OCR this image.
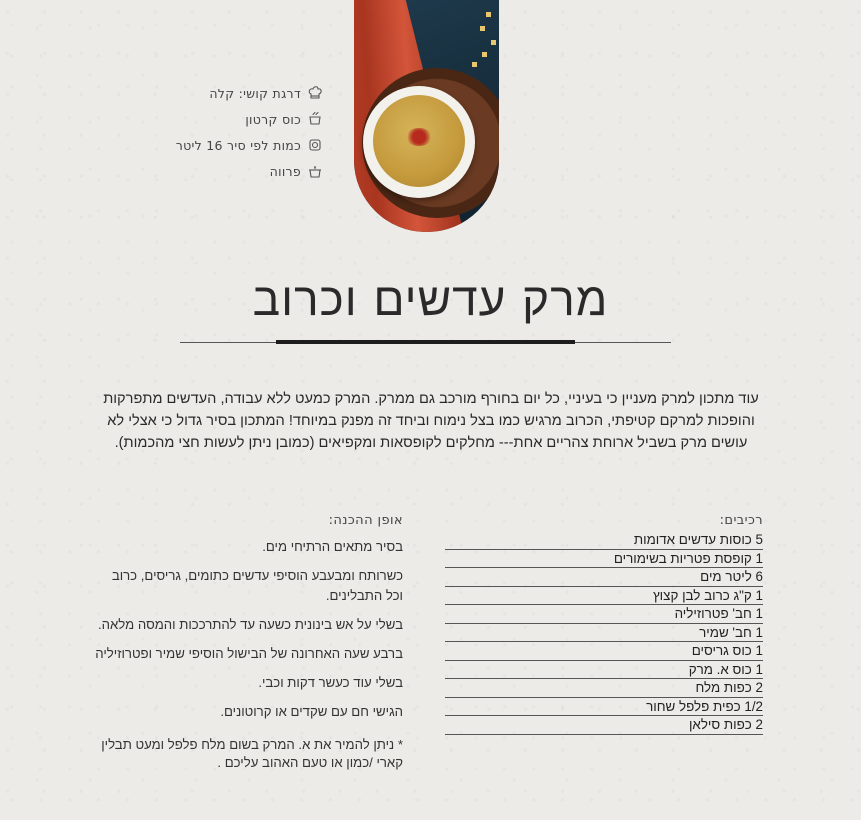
דרגת קושי: קלה
כוס קרטון
כמות לפי סיר 16 ליטר
פרווה
מרק עדשים וכרוב
עוד מתכון למרק מעניין כי בעיניי, כל יום בחורף מורכב גם ממרק. המרק כמעט ללא עבודה, העדשים מתפרקות והופכות למרקם קטיפתי, הכרוב מרגיש כמו בצל נימוח וביחד זה מפנק במיוחד! המתכון בסיר גדול כי אצלי לא עושים מרק בשביל ארוחת צהריים אחת--- מחלקים לקופסאות ומקפיאים (כמובן ניתן לעשות חצי מהכמות).
רכיבים:
5 כוסות עדשים אדומות
1 קופסת פטריות בשימורים
6 ליטר מים
1 ק"ג כרוב לבן קצוץ
1 חב' פטרוזיליה
1 חב' שמיר
1 כוס גריסים
1 כוס א. מרק
2 כפות מלח
1/2 כפית פלפל שחור
2 כפות סילאן
אופן ההכנה:
בסיר מתאים הרתיחי מים.
כשרותח ומבעבע הוסיפי עדשים כתומים, גריסים, כרוב וכל התבלינים.
בשלי על אש בינונית כשעה עד להתרככות והמסה מלאה.
ברבע שעה האחרונה של הבישול הוסיפי שמיר ופטרוזיליה
בשלי עוד כעשר דקות וכבי.
הגישי חם עם שקדים או קרוטונים.
* ניתן להמיר את א. המרק בשום מלח פלפל ומעט תבלין קארי /כמון או טעם האהוב עליכם .
